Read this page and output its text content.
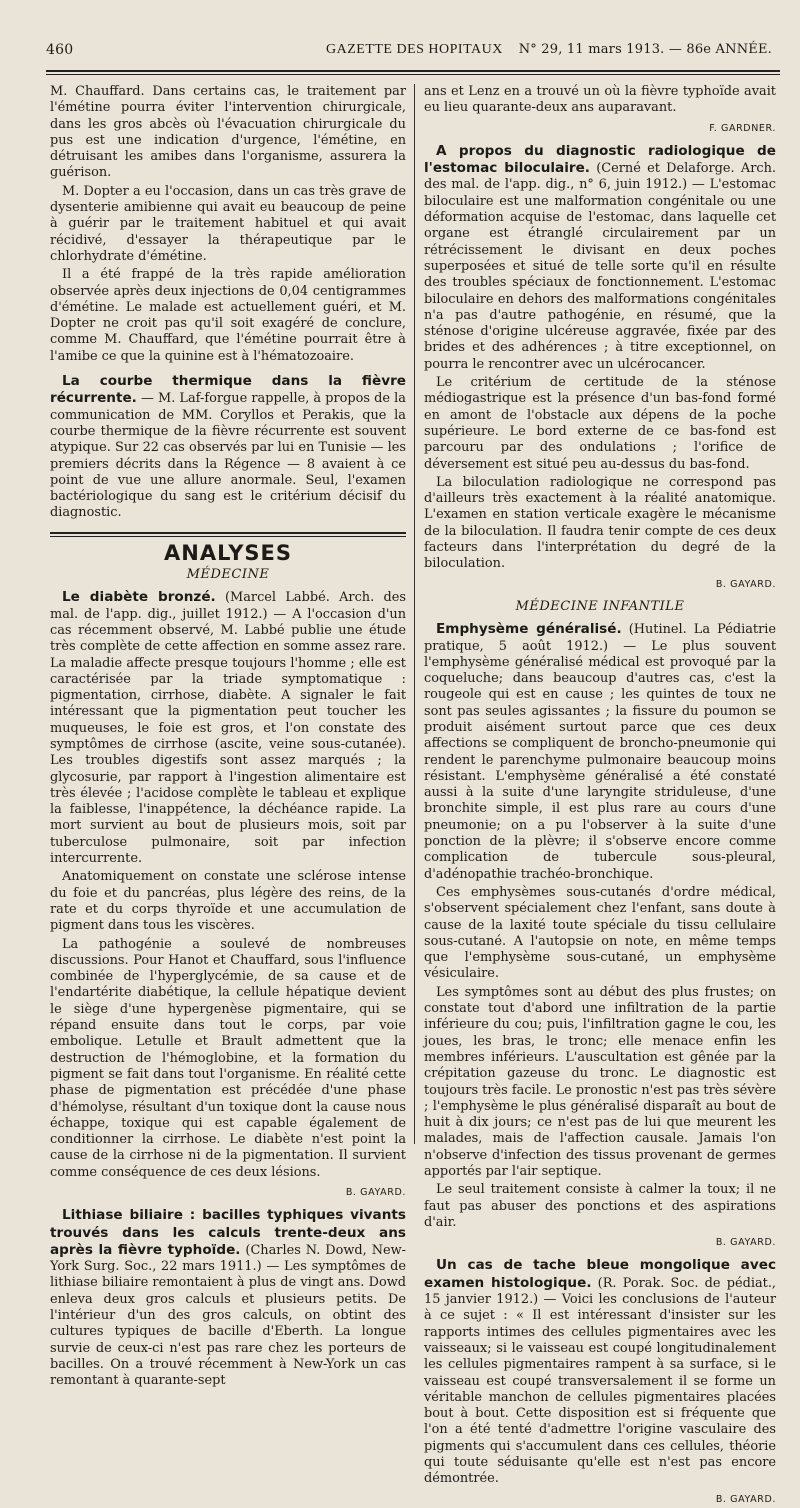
460	GAZETTE DES HOPITAUX N° 29, 11 mars 1913. — 86e ANNÉE.

M. Chauffard. Dans certains cas, le traitement par l'émétine pourra éviter l'intervention chirurgicale, dans les gros abcès où l'évacuation chirurgicale du pus est une indication d'urgence, l'émétine, en détruisant les amibes dans l'organisme, assurera la guérison.

M. Dopter a eu l'occasion, dans un cas très grave de dysenterie amibienne qui avait eu beaucoup de peine à guérir par le traitement habituel et qui avait récidivé, d'essayer la thérapeutique par le chlorhydrate d'émétine.

Il a été frappé de la très rapide amélioration observée après deux injections de 0,04 centigrammes d'émétine. Le malade est actuellement guéri, et M. Dopter ne croit pas qu'il soit exagéré de conclure, comme M. Chauffard, que l'émétine pourrait être à l'amibe ce que la quinine est à l'hématozoaire.

La courbe thermique dans la fièvre récurrente. — M. Laf-forgue rappelle, à propos de la communication de MM. Coryllos et Perakis, que la courbe thermique de la fièvre récurrente est souvent atypique. Sur 22 cas observés par lui en Tunisie — les premiers décrits dans la Régence — 8 avaient à ce point de vue une allure anormale. Seul, l'examen bactériologique du sang est le critérium décisif du diagnostic.

ANALYSES
MÉDECINE

Le diabète bronzé. (Marcel Labbé. Arch. des mal. de l'app. dig., juillet 1912.) — A l'occasion d'un cas récemment observé, M. Labbé publie une étude très complète de cette affection en somme assez rare. La maladie affecte presque toujours l'homme ; elle est caractérisée par la triade symptomatique : pigmentation, cirrhose, diabète. A signaler le fait intéressant que la pigmentation peut toucher les muqueuses, le foie est gros, et l'on constate des symptômes de cirrhose (ascite, veine sous-cutanée). Les troubles digestifs sont assez marqués ; la glycosurie, par rapport à l'ingestion alimentaire est très élevée ; l'acidose complète le tableau et explique la faiblesse, l'inappétence, la déchéance rapide. La mort survient au bout de plusieurs mois, soit par tuberculose pulmonaire, soit par infection intercurrente.

Anatomiquement on constate une sclérose intense du foie et du pancréas, plus légère des reins, de la rate et du corps thyroïde et une accumulation de pigment dans tous les viscères.

La pathogénie a soulevé de nombreuses discussions. Pour Hanot et Chauffard, sous l'influence combinée de l'hyperglycémie, de sa cause et de l'endartérite diabétique, la cellule hépatique devient le siège d'une hypergenèse pigmentaire, qui se répand ensuite dans tout le corps, par voie embolique. Letulle et Brault admettent que la destruction de l'hémoglobine, et la formation du pigment se fait dans tout l'organisme. En réalité cette phase de pigmentation est précédée d'une phase d'hémolyse, résultant d'un toxique dont la cause nous échappe, toxique qui est capable également de conditionner la cirrhose. Le diabète n'est point la cause de la cirrhose ni de la pigmentation. Il survient comme conséquence de ces deux lésions.

B. GAYARD.

Lithiase biliaire : bacilles typhiques vivants trouvés dans les calculs trente-deux ans après la fièvre typhoïde. (Charles N. Dowd, New-York Surg. Soc., 22 mars 1911.) — Les symptômes de lithiase biliaire remontaient à plus de vingt ans. Dowd enleva deux gros calculs et plusieurs petits. De l'intérieur d'un des gros calculs, on obtint des cultures typiques de bacille d'Eberth. La longue survie de ceux-ci n'est pas rare chez les porteurs de bacilles. On a trouvé récemment à New-York un cas remontant à quarante-sept

ans et Lenz en a trouvé un où la fièvre typhoïde avait eu lieu quarante-deux ans auparavant.

F. GARDNER.

A propos du diagnostic radiologique de l'estomac biloculaire. (Cerné et Delaforge. Arch. des mal. de l'app. dig., n° 6, juin 1912.) — L'estomac biloculaire est une malformation congénitale ou une déformation acquise de l'estomac, dans laquelle cet organe est étranglé circulairement par un rétrécissement le divisant en deux poches superposées et situé de telle sorte qu'il en résulte des troubles spéciaux de fonctionnement. L'estomac biloculaire en dehors des malformations congénitales n'a pas d'autre pathogénie, en résumé, que la sténose d'origine ulcéreuse aggravée, fixée par des brides et des adhérences ; à titre exceptionnel, on pourra le rencontrer avec un ulcérocancer.

Le critérium de certitude de la sténose médiogastrique est la présence d'un bas-fond formé en amont de l'obstacle aux dépens de la poche supérieure. Le bord externe de ce bas-fond est parcouru par des ondulations ; l'orifice de déversement est situé peu au-dessus du bas-fond.

La biloculation radiologique ne correspond pas d'ailleurs très exactement à la réalité anatomique. L'examen en station verticale exagère le mécanisme de la biloculation. Il faudra tenir compte de ces deux facteurs dans l'interprétation du degré de la biloculation.

B. GAYARD.
MÉDECINE INFANTILE

Emphysème généralisé. (Hutinel. La Pédiatrie pratique, 5 août 1912.) — Le plus souvent l'emphysème généralisé médical est provoqué par la coqueluche; dans beaucoup d'autres cas, c'est la rougeole qui est en cause ; les quintes de toux ne sont pas seules agissantes ; la fissure du poumon se produit aisément surtout parce que ces deux affections se compliquent de broncho-pneumonie qui rendent le parenchyme pulmonaire beaucoup moins résistant. L'emphysème généralisé a été constaté aussi à la suite d'une laryngite striduleuse, d'une bronchite simple, il est plus rare au cours d'une pneumonie; on a pu l'observer à la suite d'une ponction de la plèvre; il s'observe encore comme complication de tubercule sous-pleural, d'adénopathie trachéo-bronchique.

Ces emphysèmes sous-cutanés d'ordre médical, s'observent spécialement chez l'enfant, sans doute à cause de la laxité toute spéciale du tissu cellulaire sous-cutané. A l'autopsie on note, en même temps que l'emphysème sous-cutané, un emphysème vésiculaire.

Les symptômes sont au début des plus frustes; on constate tout d'abord une infiltration de la partie inférieure du cou; puis, l'infiltration gagne le cou, les joues, les bras, le tronc; elle menace enfin les membres inférieurs. L'auscultation est gênée par la crépitation gazeuse du tronc. Le diagnostic est toujours très facile. Le pronostic n'est pas très sévère ; l'emphysème le plus généralisé disparaît au bout de huit à dix jours; ce n'est pas de lui que meurent les malades, mais de l'affection causale. Jamais l'on n'observe d'infection des tissus provenant de germes apportés par l'air septique.

Le seul traitement consiste à calmer la toux; il ne faut pas abuser des ponctions et des aspirations d'air.

B. GAYARD.

Un cas de tache bleue mongolique avec examen histologique. (R. Porak. Soc. de pédiat., 15 janvier 1912.) — Voici les conclusions de l'auteur à ce sujet : « Il est intéressant d'insister sur les rapports intimes des cellules pigmentaires avec les vaisseaux; si le vaisseau est coupé longitudinalement les cellules pigmentaires rampent à sa surface, si le vaisseau est coupé transversalement il se forme un véritable manchon de cellules pigmentaires placées bout à bout. Cette disposition est si fréquente que l'on a été tenté d'admettre l'origine vasculaire des pigments qui s'accumulent dans ces cellules, théorie qui toute séduisante qu'elle est n'est pas encore démontrée.

B. GAYARD.
